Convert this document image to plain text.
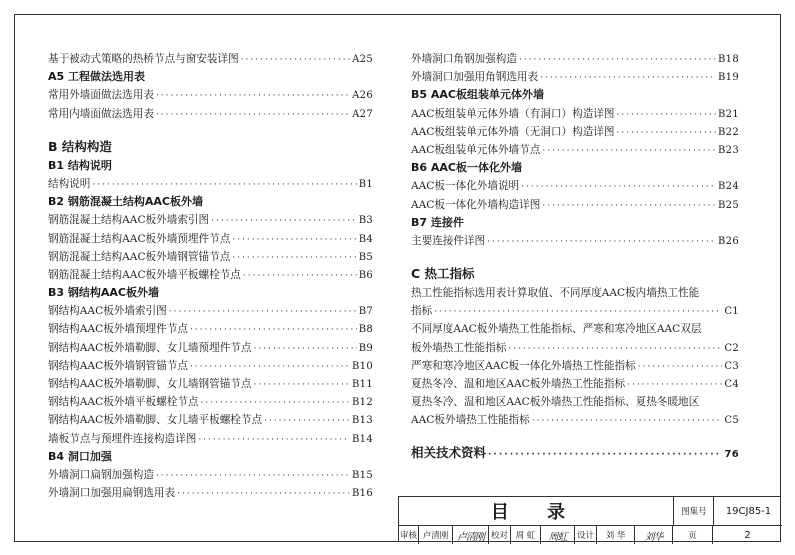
基于被动式策略的热桥节点与窗安装详图 ·····	A25
A5 工程做法选用表
常用外墙面做法选用表 ·····	A26
常用内墙面做法选用表 ·····	A27
B 结构构造
B1 结构说明
结构说明 ·····	B1
B2 钢筋混凝土结构AAC板外墙
钢筋混凝土结构AAC板外墙索引图 ·····	B3
钢筋混凝土结构AAC板外墙预埋件节点 ·····	B4
钢筋混凝土结构AAC板外墙钢管锚节点 ·····	B5
钢筋混凝土结构AAC板外墙平板螺栓节点 ·····	B6
B3 钢结构AAC板外墙
钢结构AAC板外墙索引图 ·····	B7
钢结构AAC板外墙预埋件节点 ·····	B8
钢结构AAC板外墙勒脚、女儿墙预埋件节点 ·····	B9
钢结构AAC板外墙钢管锚节点 ·····	B10
钢结构AAC板外墙勒脚、女儿墙钢管锚节点 ·····	B11
钢结构AAC板外墙平板螺栓节点 ·····	B12
钢结构AAC板外墙勒脚、女儿墙平板螺栓节点 ·····	B13
墙板节点与预埋件连接构造详图 ·····	B14
B4 洞口加强
外墙洞口扁钢加强构造 ·····	B15
外墙洞口加强用扁钢选用表 ·····	B16
外墙洞口角钢加强构造 ·····	B18
外墙洞口加强用角钢选用表 ·····	B19
B5 AAC板组装单元体外墙
AAC板组装单元体外墙（有洞口）构造详图 ·····	B21
AAC板组装单元体外墙（无洞口）构造详图 ·····	B22
AAC板组装单元体外墙节点 ·····	B23
B6 AAC板一体化外墙
AAC板一体化外墙说明 ·····	B24
AAC板一体化外墙构造详图 ·····	B25
B7 连接件
主要连接件详图 ·····	B26
C 热工指标
热工性能指标选用表计算取值、不同厚度AAC板内墙热工性能
指标 ·····	C1
不同厚度AAC板外墙热工性能指标、严寒和寒冷地区AAC双层
板外墙热工性能指标 ·····	C2
严寒和寒冷地区AAC板一体化外墙热工性能指标 ·····	C3
夏热冬冷、温和地区AAC板外墙热工性能指标 ·····	C4
夏热冬冷、温和地区AAC板外墙热工性能指标、夏热冬暖地区
AAC板外墙热工性能指标 ·····	C5
相关技术资料 ·····	76
目 录	图集号	19CJ85-1
审核 卢清刚 卢清刚 校对 周 虹	周虹	设计	刘 华	刘华	页	2
